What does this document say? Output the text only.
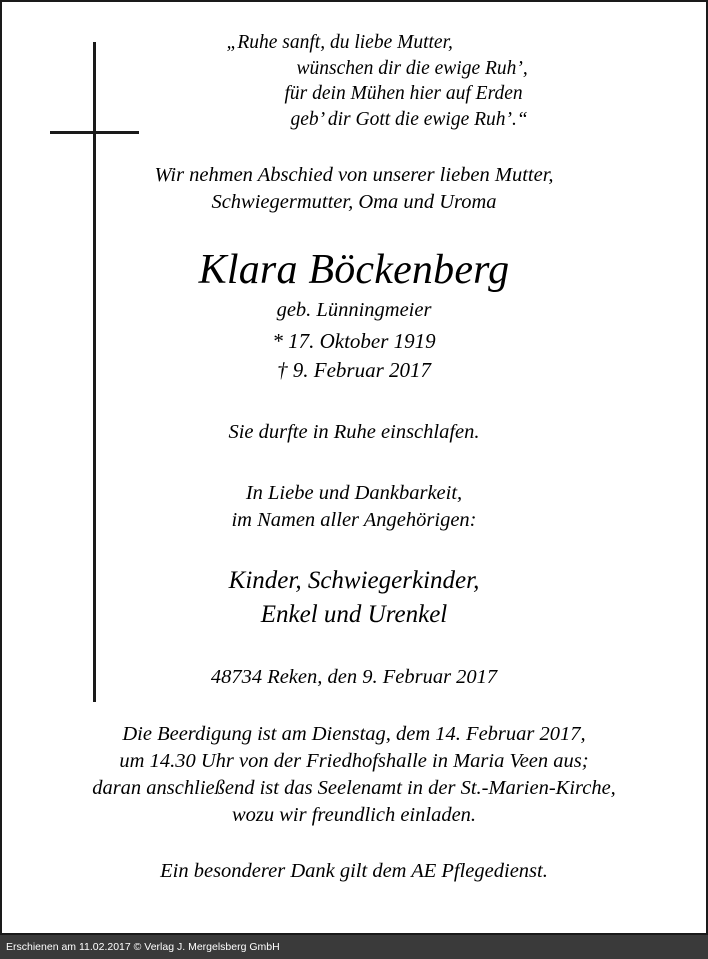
„Ruhe sanft, du liebe Mutter,
wünschen dir die ewige Ruh’,
für dein Mühen hier auf Erden
geb’ dir Gott die ewige Ruh’.“
Wir nehmen Abschied von unserer lieben Mutter,
Schwiegermutter, Oma und Uroma
Klara Böckenberg
geb. Lünningmeier
* 17. Oktober 1919
† 9. Februar 2017
Sie durfte in Ruhe einschlafen.
In Liebe und Dankbarkeit,
im Namen aller Angehörigen:
Kinder, Schwiegerkinder,
Enkel und Urenkel
48734 Reken, den 9. Februar 2017
Die Beerdigung ist am Dienstag, dem 14. Februar 2017,
um 14.30 Uhr von der Friedhofshalle in Maria Veen aus;
daran anschließend ist das Seelenamt in der St.-Marien-Kirche,
wozu wir freundlich einladen.
Ein besonderer Dank gilt dem AE Pflegedienst.
Erschienen am 11.02.2017 © Verlag J. Mergelsberg GmbH
